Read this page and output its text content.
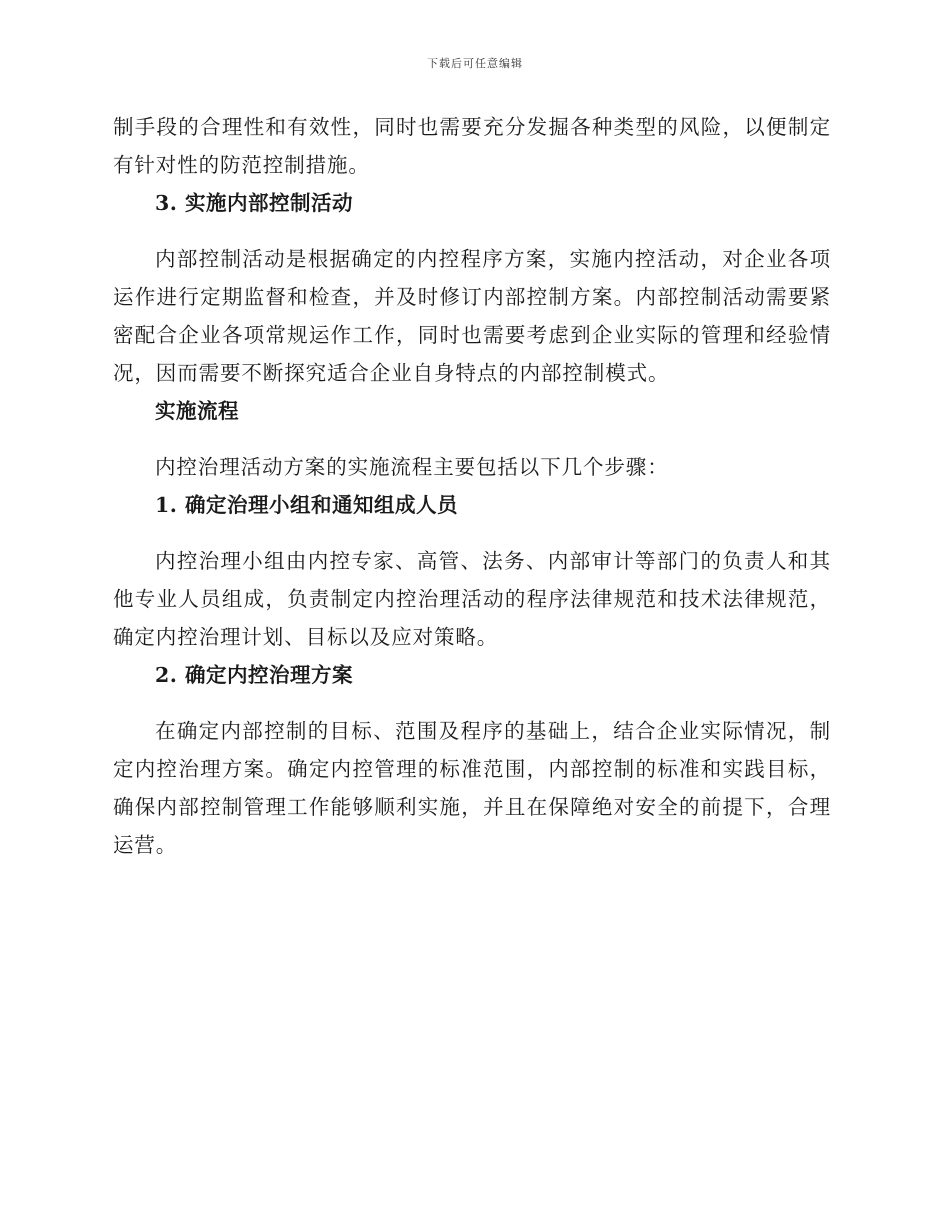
下载后可任意编辑

制手段的合理性和有效性，同时也需要充分发掘各种类型的风险，以便制定有针对性的防范控制措施。

3. 实施内部控制活动

内部控制活动是根据确定的内控程序方案，实施内控活动，对企业各项运作进行定期监督和检查，并及时修订内部控制方案。内部控制活动需要紧密配合企业各项常规运作工作，同时也需要考虑到企业实际的管理和经验情况，因而需要不断探究适合企业自身特点的内部控制模式。

实施流程

内控治理活动方案的实施流程主要包括以下几个步骤：

1. 确定治理小组和通知组成人员

内控治理小组由内控专家、高管、法务、内部审计等部门的负责人和其他专业人员组成，负责制定内控治理活动的程序法律规范和技术法律规范，确定内控治理计划、目标以及应对策略。

2. 确定内控治理方案

在确定内部控制的目标、范围及程序的基础上，结合企业实际情况，制定内控治理方案。确定内控管理的标准范围，内部控制的标准和实践目标，确保内部控制管理工作能够顺利实施，并且在保障绝对安全的前提下，合理运营。
